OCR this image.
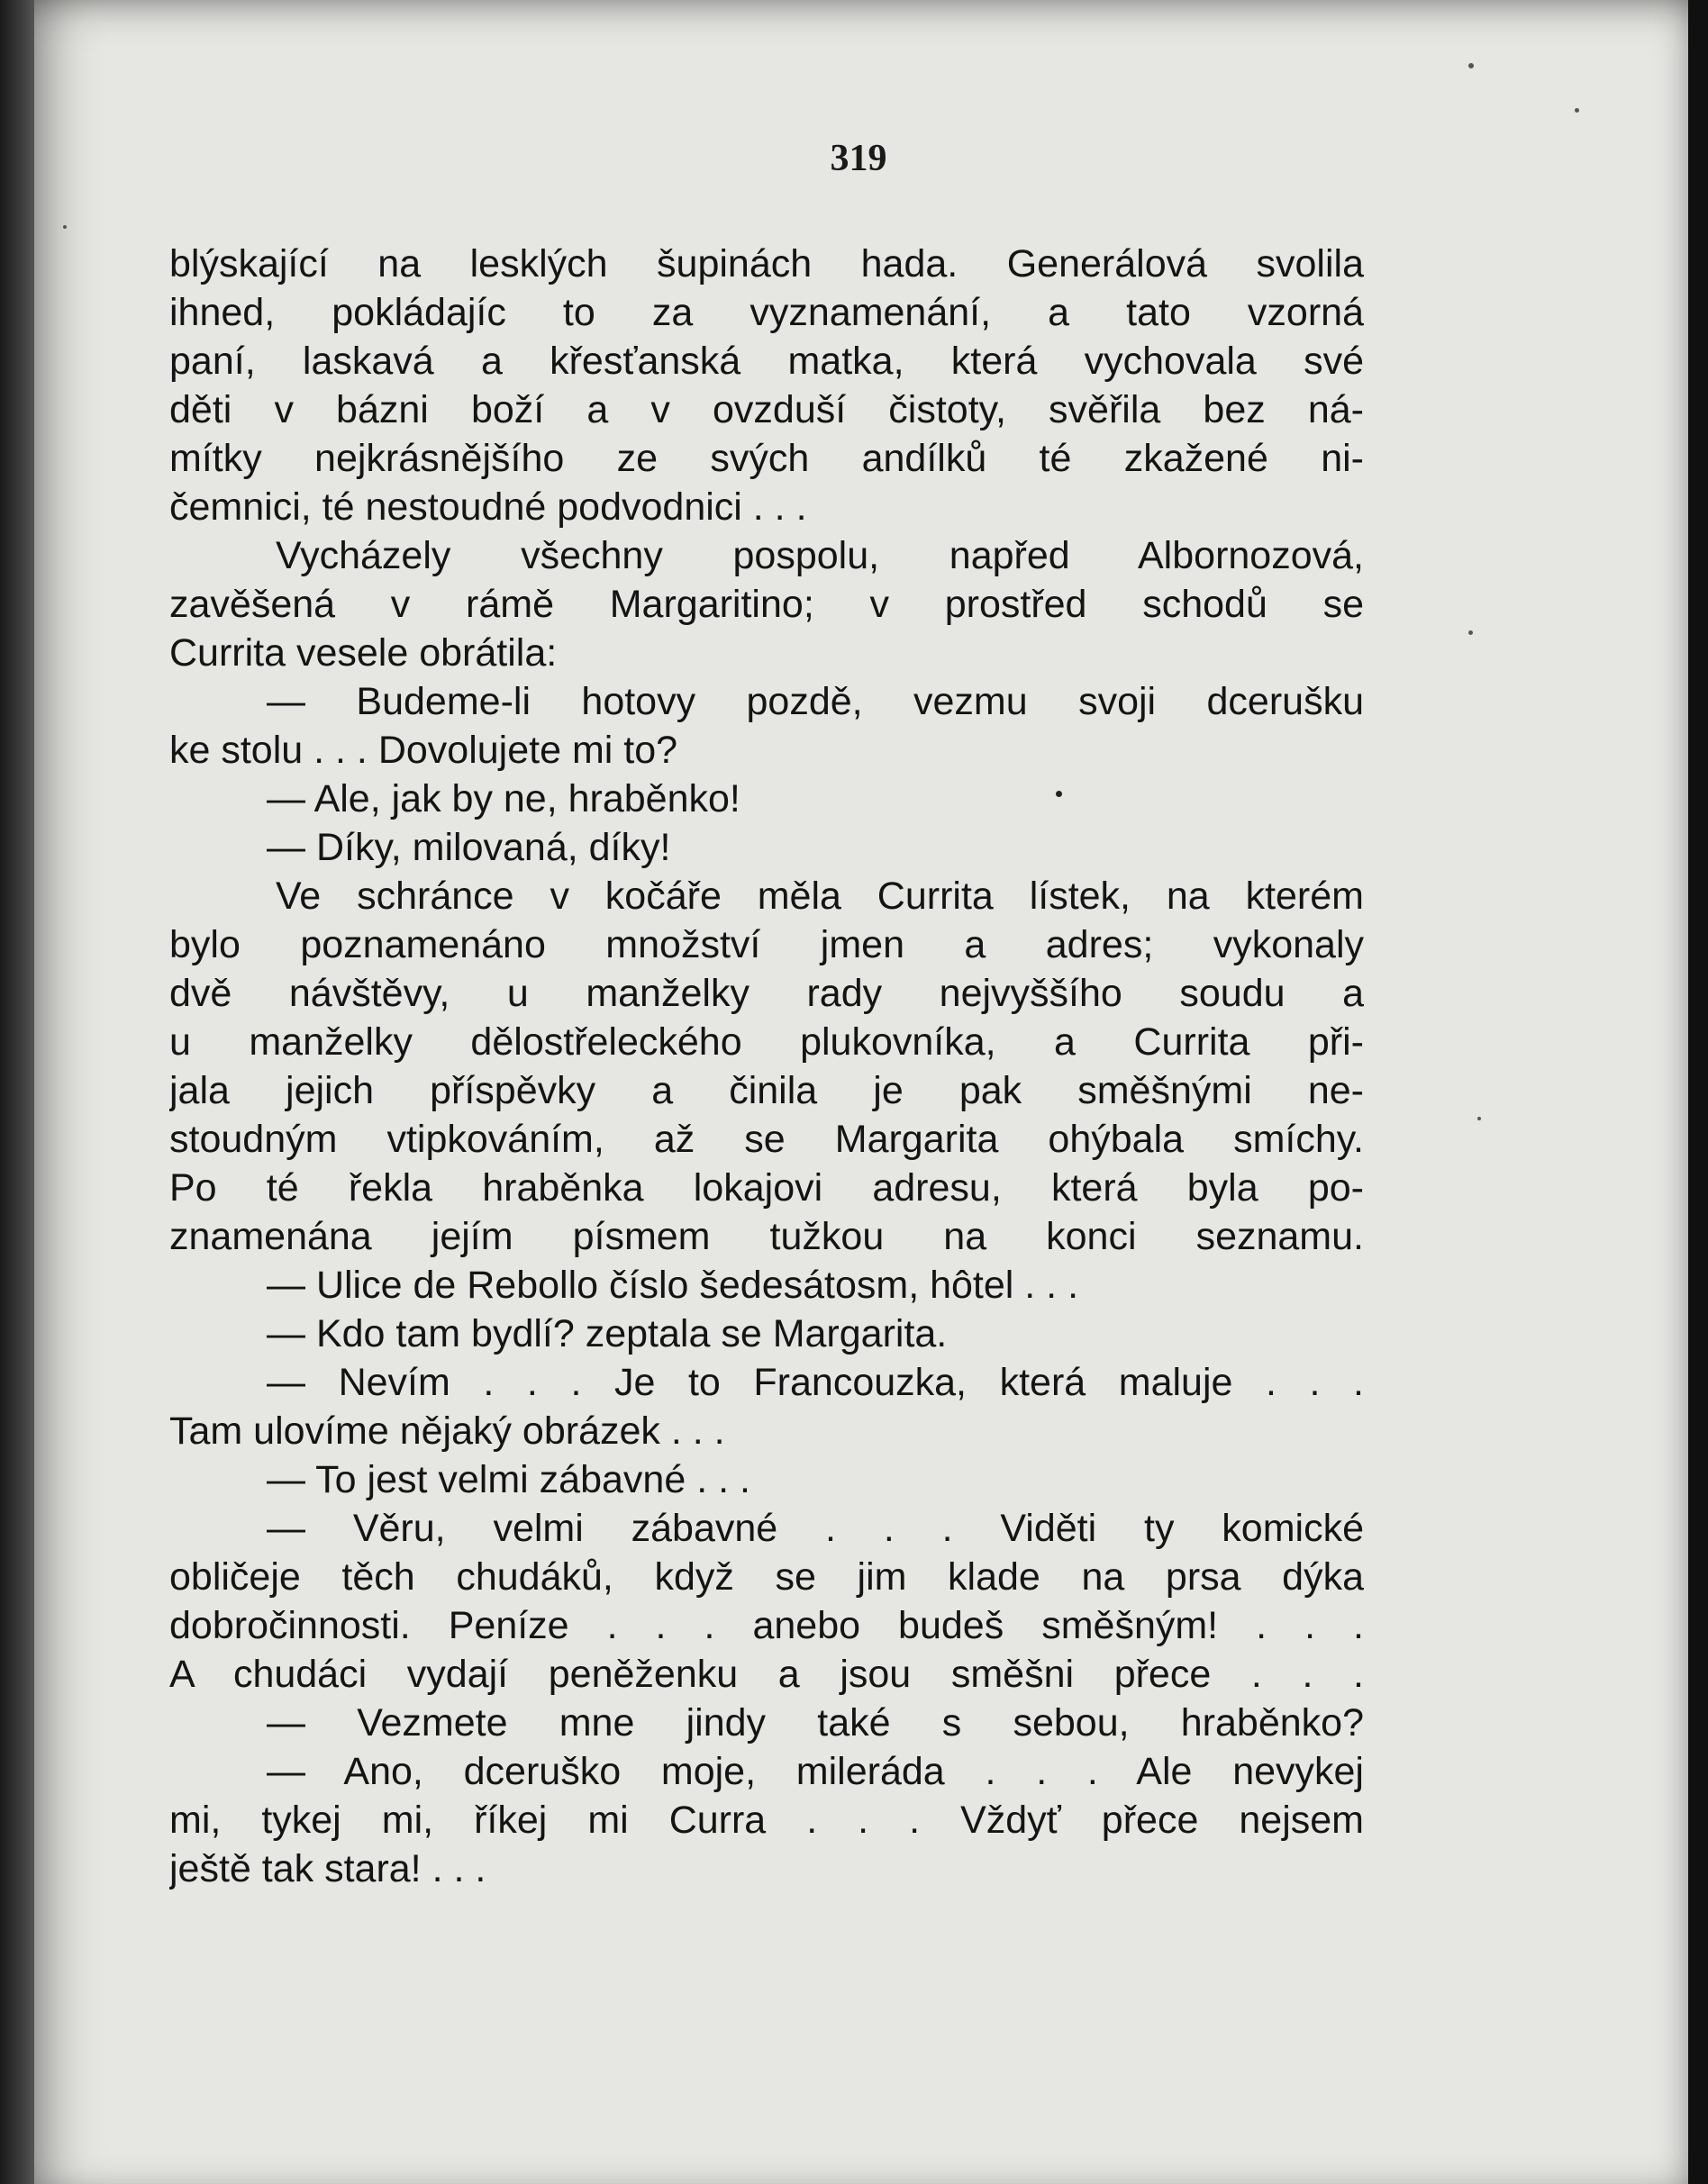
319
blýskající na lesklých šupinách hada. Generálová svolila
ihned, pokládajíc to za vyznamenání, a tato vzorná
paní, laskavá a křesťanská matka, která vychovala své
děti v bázni boží a v ovzduší čistoty, svěřila bez ná-
mítky nejkrásnějšího ze svých andílků té zkažené ni-
čemnici, té nestoudné podvodnici . . .
Vycházely všechny pospolu, napřed Albornozová,
zavěšená v rámě Margaritino; v prostřed schodů se
Currita vesele obrátila:
— Budeme-li hotovy pozdě, vezmu svoji dcerušku
ke stolu . . . Dovolujete mi to?
— Ale, jak by ne, hraběnko!
— Díky, milovaná, díky!
Ve schránce v kočáře měla Currita lístek, na kterém
bylo poznamenáno množství jmen a adres; vykonaly
dvě návštěvy, u manželky rady nejvyššího soudu a
u manželky dělostřeleckého plukovníka, a Currita při-
jala jejich příspěvky a činila je pak směšnými ne-
stoudným vtipkováním, až se Margarita ohýbala smíchy.
Po té řekla hraběnka lokajovi adresu, která byla po-
znamenána jejím písmem tužkou na konci seznamu.
— Ulice de Rebollo číslo šedesátosm, hôtel . . .
— Kdo tam bydlí? zeptala se Margarita.
— Nevím . . . Je to Francouzka, která maluje . . .
Tam ulovíme nějaký obrázek . . .
— To jest velmi zábavné . . .
— Věru, velmi zábavné . . . Viděti ty komické
obličeje těch chudáků, když se jim klade na prsa dýka
dobročinnosti. Peníze . . . anebo budeš směšným! . . .
A chudáci vydají peněženku a jsou směšni přece . . .
— Vezmete mne jindy také s sebou, hraběnko?
— Ano, dceruško moje, mileráda . . . Ale nevykej
mi, tykej mi, říkej mi Curra . . . Vždyť přece nejsem
ještě tak stara! . . .
